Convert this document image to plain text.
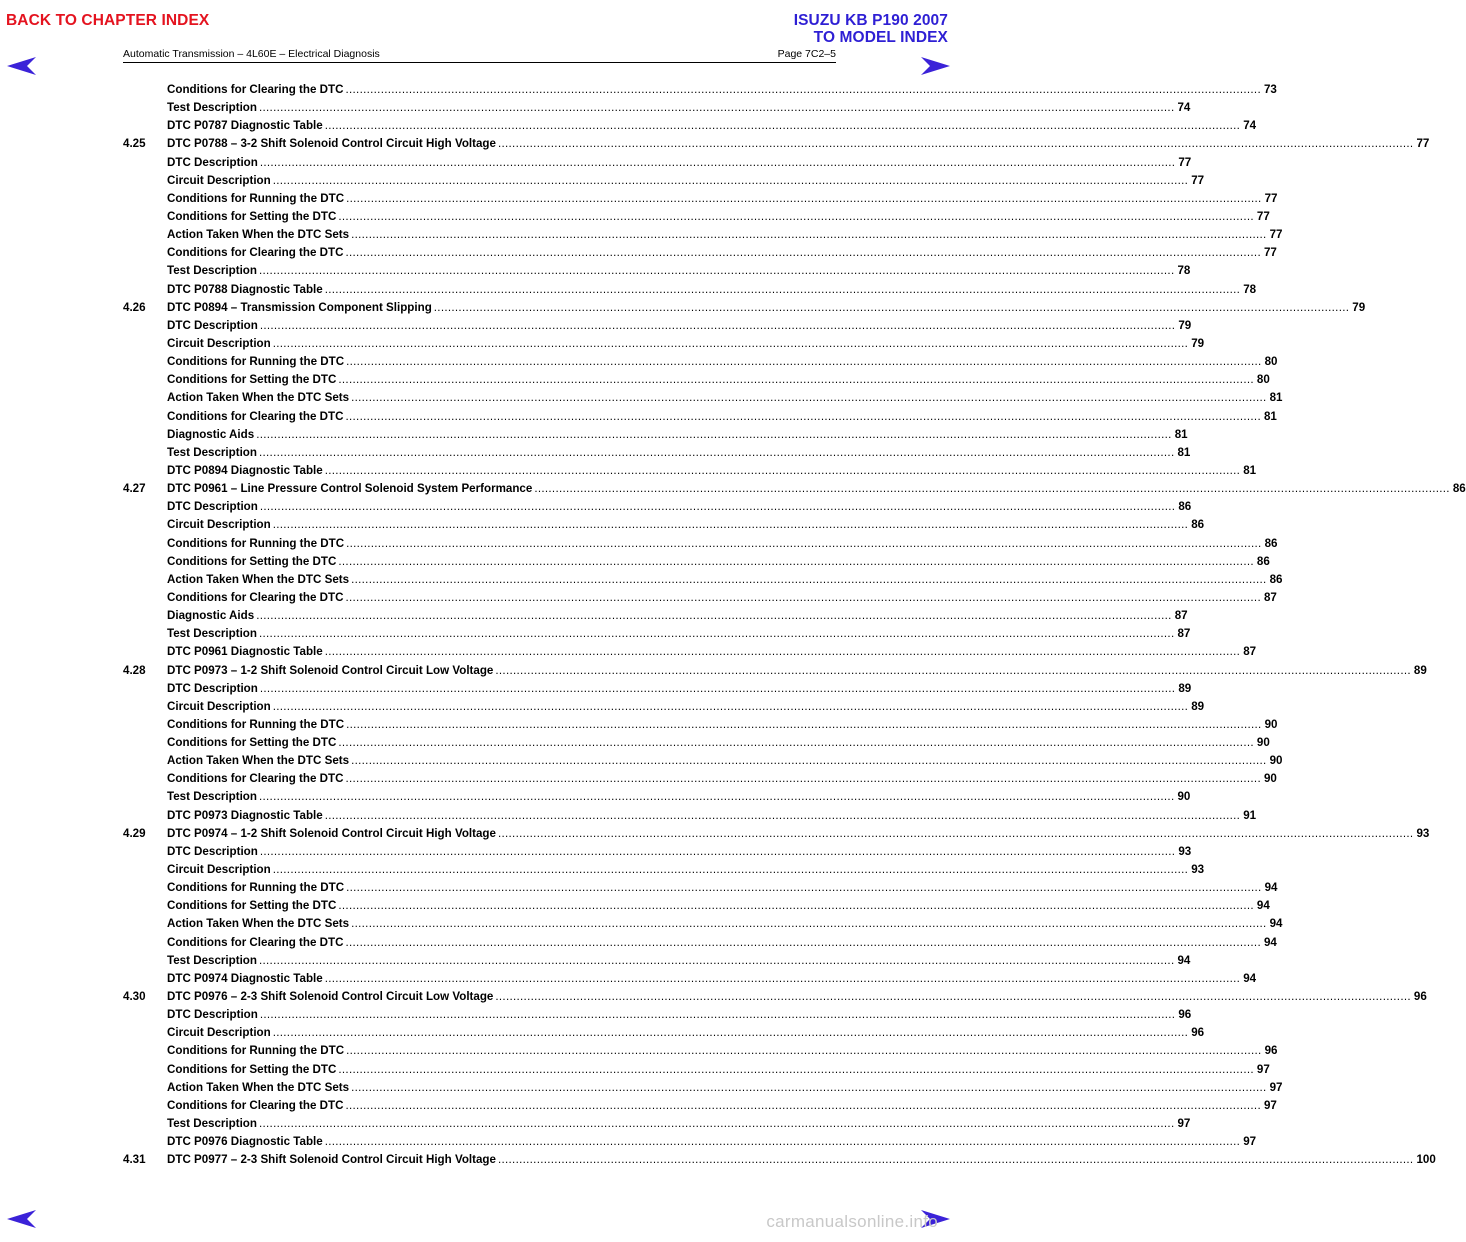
BACK TO CHAPTER INDEX	ISUZU KB P190 2007
TO MODEL INDEX
Automatic Transmission – 4L60E – Electrical Diagnosis	Page 7C2–5
Conditions for Clearing the DTC .................................................................................................................................................................................................................................................................... 73
Test Description .................................................................................................................................................................................................................................................................... 74
DTC P0787 Diagnostic Table .................................................................................................................................................................................................................................................................... 74
4.25 DTC P0788 – 3-2 Shift Solenoid Control Circuit High Voltage .................................................................................................................................................................................................................................................................... 77
DTC Description .................................................................................................................................................................................................................................................................... 77
Circuit Description .................................................................................................................................................................................................................................................................... 77
Conditions for Running the DTC .................................................................................................................................................................................................................................................................... 77
Conditions for Setting the DTC .................................................................................................................................................................................................................................................................... 77
Action Taken When the DTC Sets .................................................................................................................................................................................................................................................................... 77
Conditions for Clearing the DTC .................................................................................................................................................................................................................................................................... 77
Test Description .................................................................................................................................................................................................................................................................... 78
DTC P0788 Diagnostic Table .................................................................................................................................................................................................................................................................... 78
4.26 DTC P0894 – Transmission Component Slipping .................................................................................................................................................................................................................................................................... 79
DTC Description .................................................................................................................................................................................................................................................................... 79
Circuit Description .................................................................................................................................................................................................................................................................... 79
Conditions for Running the DTC .................................................................................................................................................................................................................................................................... 80
Conditions for Setting the DTC .................................................................................................................................................................................................................................................................... 80
Action Taken When the DTC Sets .................................................................................................................................................................................................................................................................... 81
Conditions for Clearing the DTC .................................................................................................................................................................................................................................................................... 81
Diagnostic Aids .................................................................................................................................................................................................................................................................... 81
Test Description .................................................................................................................................................................................................................................................................... 81
DTC P0894 Diagnostic Table .................................................................................................................................................................................................................................................................... 81
4.27 DTC P0961 – Line Pressure Control Solenoid System Performance .................................................................................................................................................................................................................................................................... 86
DTC Description .................................................................................................................................................................................................................................................................... 86
Circuit Description .................................................................................................................................................................................................................................................................... 86
Conditions for Running the DTC .................................................................................................................................................................................................................................................................... 86
Conditions for Setting the DTC .................................................................................................................................................................................................................................................................... 86
Action Taken When the DTC Sets .................................................................................................................................................................................................................................................................... 86
Conditions for Clearing the DTC .................................................................................................................................................................................................................................................................... 87
Diagnostic Aids .................................................................................................................................................................................................................................................................... 87
Test Description .................................................................................................................................................................................................................................................................... 87
DTC P0961 Diagnostic Table .................................................................................................................................................................................................................................................................... 87
4.28 DTC P0973 – 1-2 Shift Solenoid Control Circuit Low Voltage .................................................................................................................................................................................................................................................................... 89
DTC Description .................................................................................................................................................................................................................................................................... 89
Circuit Description .................................................................................................................................................................................................................................................................... 89
Conditions for Running the DTC .................................................................................................................................................................................................................................................................... 90
Conditions for Setting the DTC .................................................................................................................................................................................................................................................................... 90
Action Taken When the DTC Sets .................................................................................................................................................................................................................................................................... 90
Conditions for Clearing the DTC .................................................................................................................................................................................................................................................................... 90
Test Description .................................................................................................................................................................................................................................................................... 90
DTC P0973 Diagnostic Table .................................................................................................................................................................................................................................................................... 91
4.29 DTC P0974 – 1-2 Shift Solenoid Control Circuit High Voltage .................................................................................................................................................................................................................................................................... 93
DTC Description .................................................................................................................................................................................................................................................................... 93
Circuit Description .................................................................................................................................................................................................................................................................... 93
Conditions for Running the DTC .................................................................................................................................................................................................................................................................... 94
Conditions for Setting the DTC .................................................................................................................................................................................................................................................................... 94
Action Taken When the DTC Sets .................................................................................................................................................................................................................................................................... 94
Conditions for Clearing the DTC .................................................................................................................................................................................................................................................................... 94
Test Description .................................................................................................................................................................................................................................................................... 94
DTC P0974 Diagnostic Table .................................................................................................................................................................................................................................................................... 94
4.30 DTC P0976 – 2-3 Shift Solenoid Control Circuit Low Voltage .................................................................................................................................................................................................................................................................... 96
DTC Description .................................................................................................................................................................................................................................................................... 96
Circuit Description .................................................................................................................................................................................................................................................................... 96
Conditions for Running the DTC .................................................................................................................................................................................................................................................................... 96
Conditions for Setting the DTC .................................................................................................................................................................................................................................................................... 97
Action Taken When the DTC Sets .................................................................................................................................................................................................................................................................... 97
Conditions for Clearing the DTC .................................................................................................................................................................................................................................................................... 97
Test Description .................................................................................................................................................................................................................................................................... 97
DTC P0976 Diagnostic Table .................................................................................................................................................................................................................................................................... 97
4.31 DTC P0977 – 2-3 Shift Solenoid Control Circuit High Voltage .................................................................................................................................................................................................................................................................... 100
carmanualsonline.info
